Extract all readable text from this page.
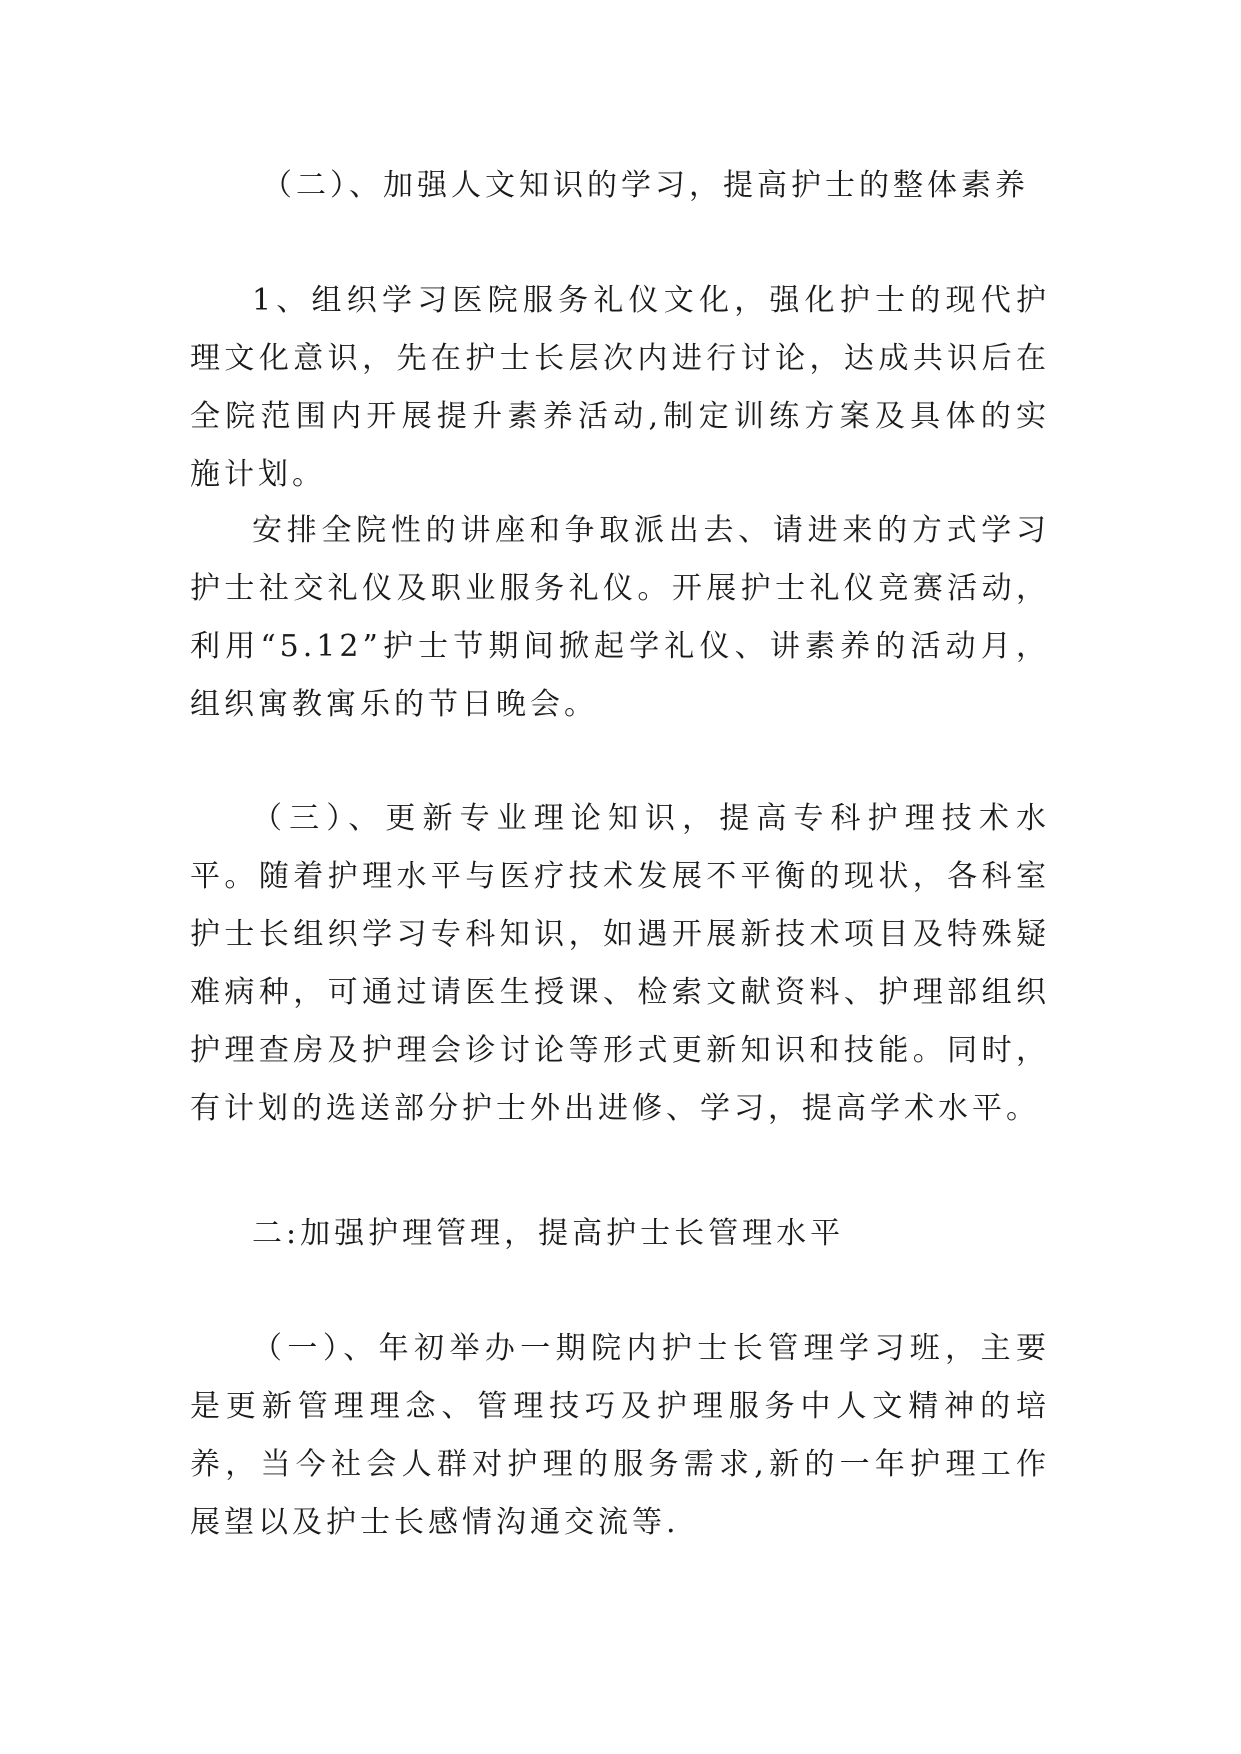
（二）、加强人文知识的学习，提高护士的整体素养

1、组织学习医院服务礼仪文化，强化护士的现代护理文化意识，先在护士长层次内进行讨论，达成共识后在全院范围内开展提升素养活动,制定训练方案及具体的实施计划。

安排全院性的讲座和争取派出去、请进来的方式学习护士社交礼仪及职业服务礼仪。开展护士礼仪竞赛活动，利用“5.12”护士节期间掀起学礼仪、讲素养的活动月，组织寓教寓乐的节日晚会。

（三）、更新专业理论知识，提高专科护理技术水平。随着护理水平与医疗技术发展不平衡的现状，各科室护士长组织学习专科知识，如遇开展新技术项目及特殊疑难病种，可通过请医生授课、检索文献资料、护理部组织护理查房及护理会诊讨论等形式更新知识和技能。同时，有计划的选送部分护士外出进修、学习，提高学术水平。

二:加强护理管理，提高护士长管理水平

（一）、年初举办一期院内护士长管理学习班，主要是更新管理理念、管理技巧及护理服务中人文精神的培养，当今社会人群对护理的服务需求,新的一年护理工作展望以及护士长感情沟通交流等.
